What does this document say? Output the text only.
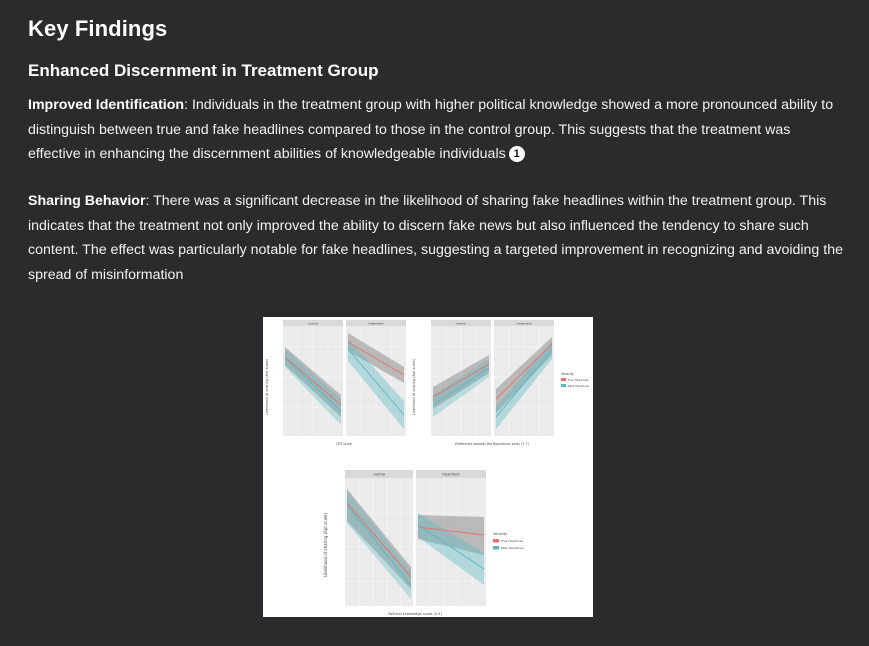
Key Findings
Enhanced Discernment in Treatment Group

Improved Identification: Individuals in the treatment group with higher political knowledge showed a more pronounced ability to distinguish between true and fake headlines compared to those in the control group. This suggests that the treatment was effective in enhancing the discernment abilities of knowledgeable individuals 1

Sharing Behavior: There was a significant decrease in the likelihood of sharing fake headlines within the treatment group. This indicates that the treatment not only improved the ability to discern fake news but also influenced the tendency to share such content. The effect was particularly notable for fake headlines, suggesting a targeted improvement in recognizing and avoiding the spread of misinformation

Likelihood of sharing (6pt scale)
control	treatment
CRT score
Likelihood of sharing (6pt scale)
control	treatment
Preference towards the Republican party (1-7)
Veracity
True Headlines
Fake Headlines
Likelihood of sharing (6pt scale)
control	treatment
Political knowledge score (0-5)
Veracity
True Headlines
Fake Headlines
